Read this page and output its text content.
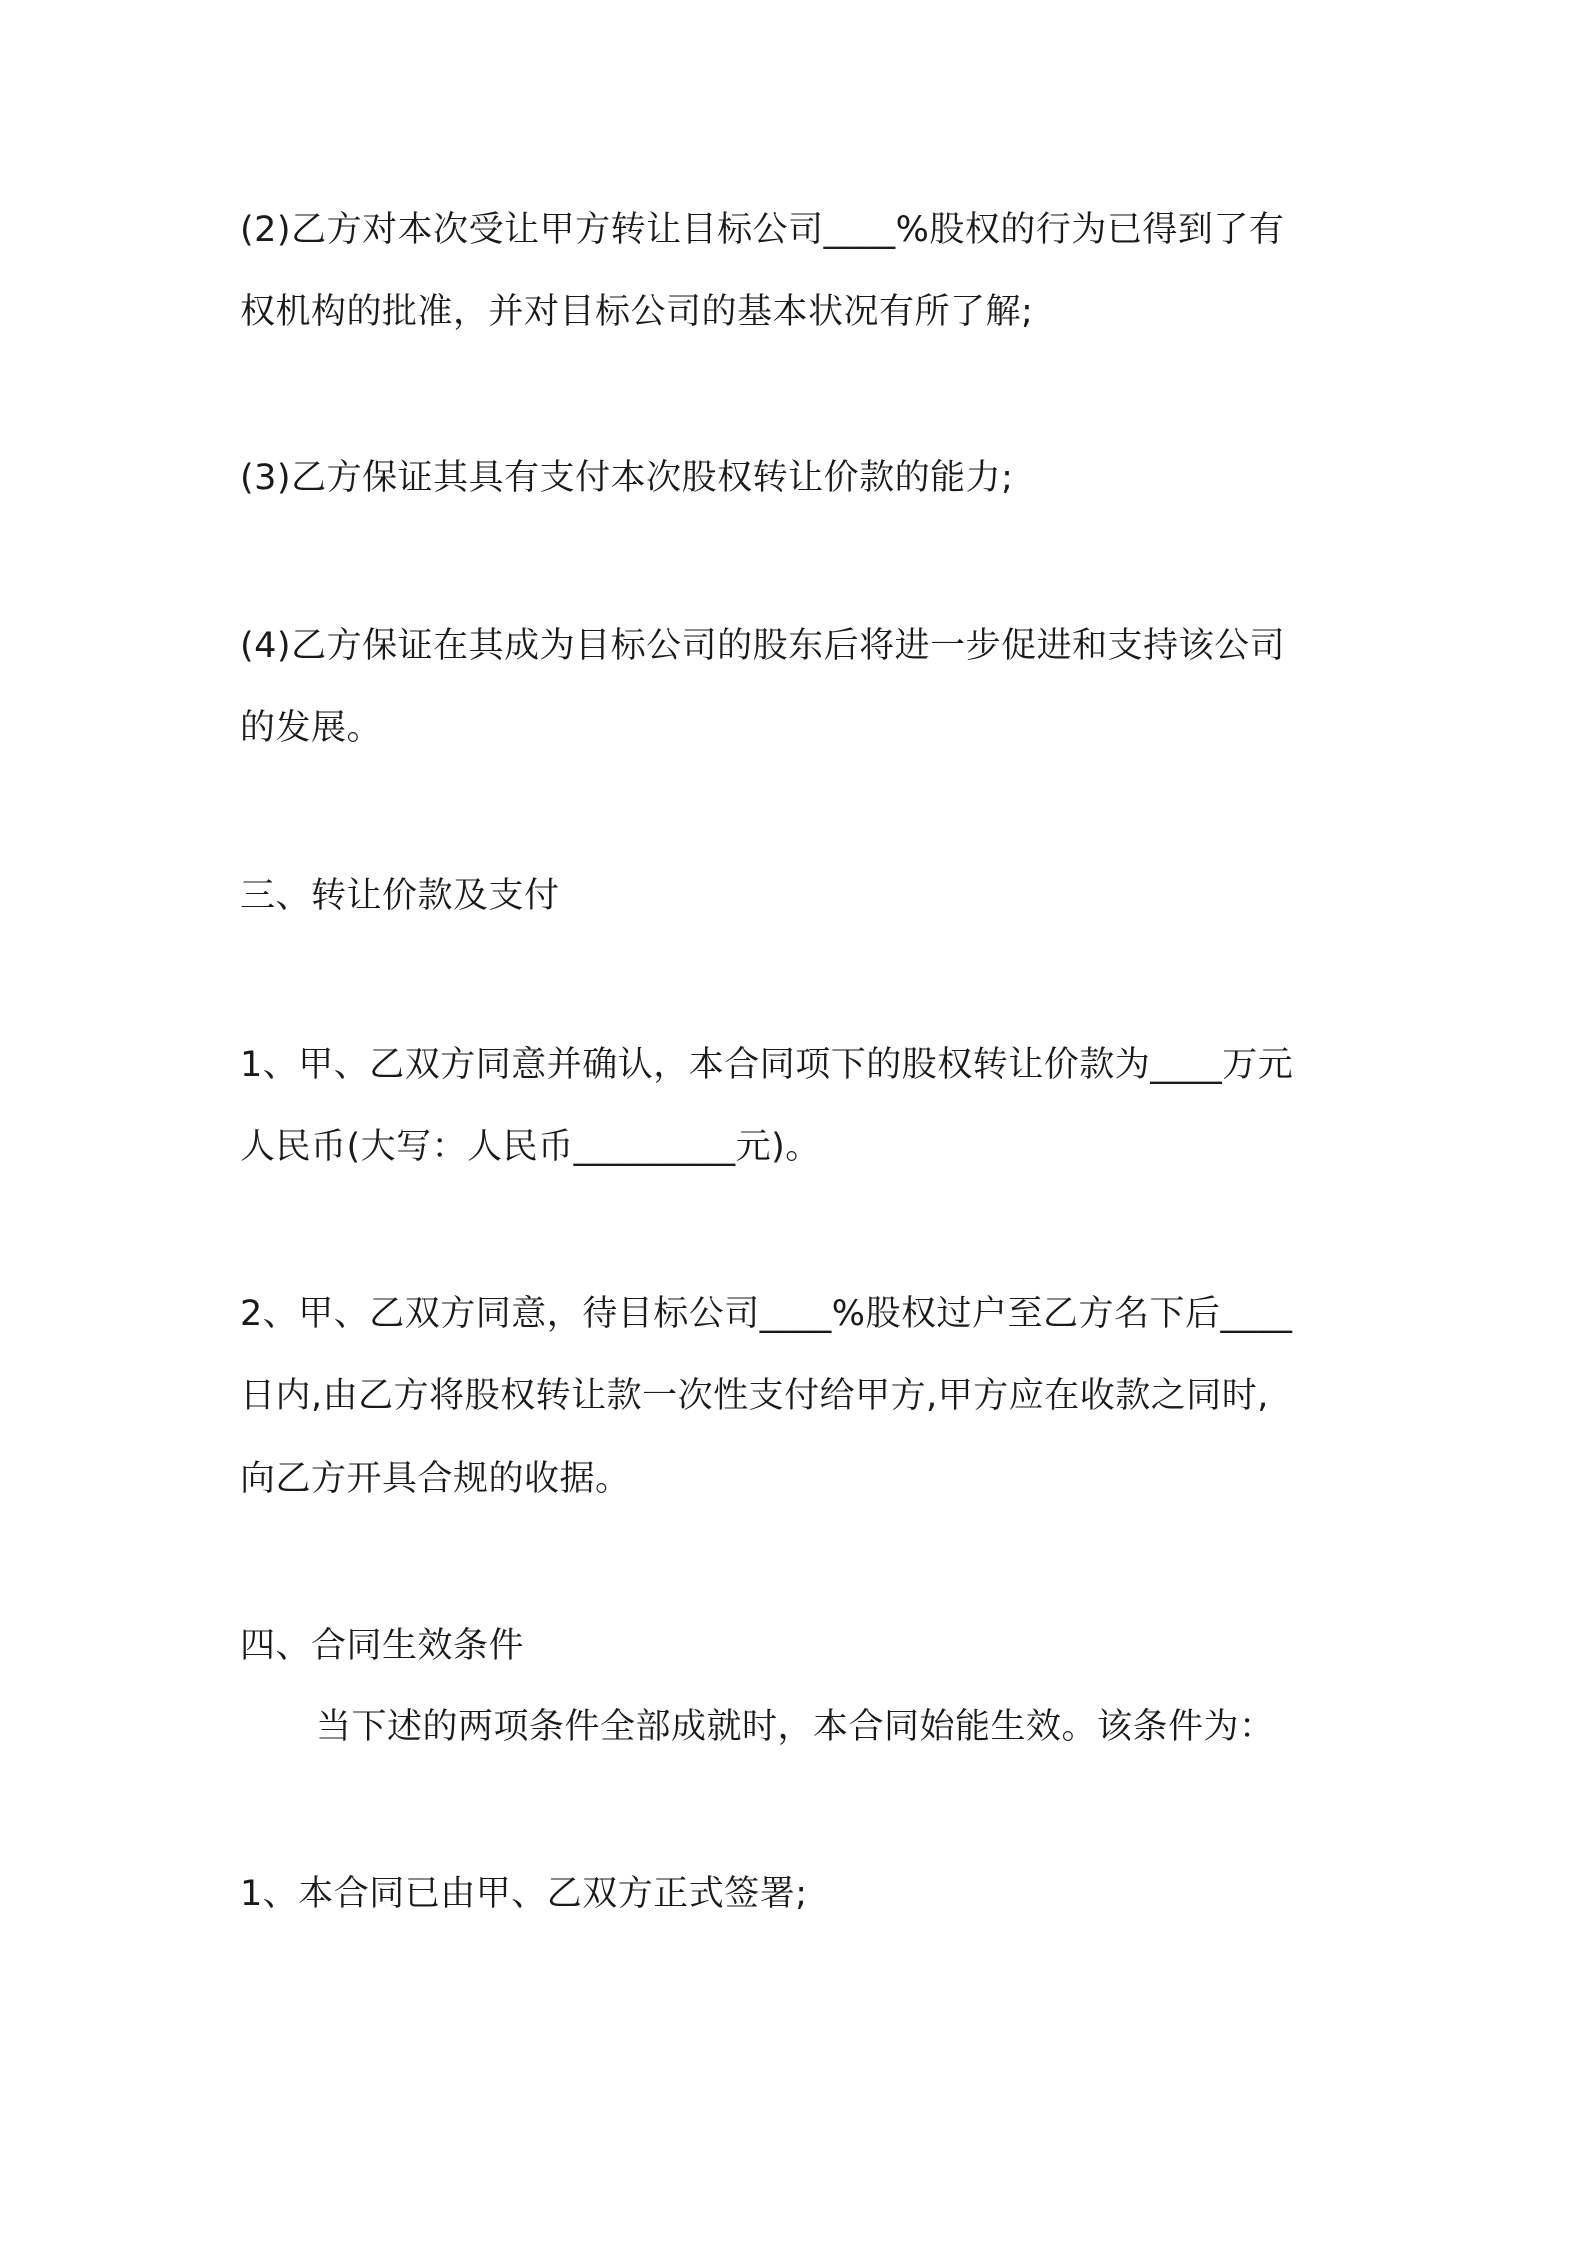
(2)乙方对本次受让甲方转让目标公司____%股权的行为已得到了有
权机构的批准，并对目标公司的基本状况有所了解;
(3)乙方保证其具有支付本次股权转让价款的能力;
(4)乙方保证在其成为目标公司的股东后将进一步促进和支持该公司
的发展。
三、转让价款及支付
1、甲、乙双方同意并确认，本合同项下的股权转让价款为____万元
人民币(大写：人民币_________元)。
2、甲、乙双方同意，待目标公司____%股权过户至乙方名下后____
日内,由乙方将股权转让款一次性支付给甲方,甲方应在收款之同时,
向乙方开具合规的收据。
四、合同生效条件
当下述的两项条件全部成就时，本合同始能生效。该条件为：
1、本合同已由甲、乙双方正式签署;
